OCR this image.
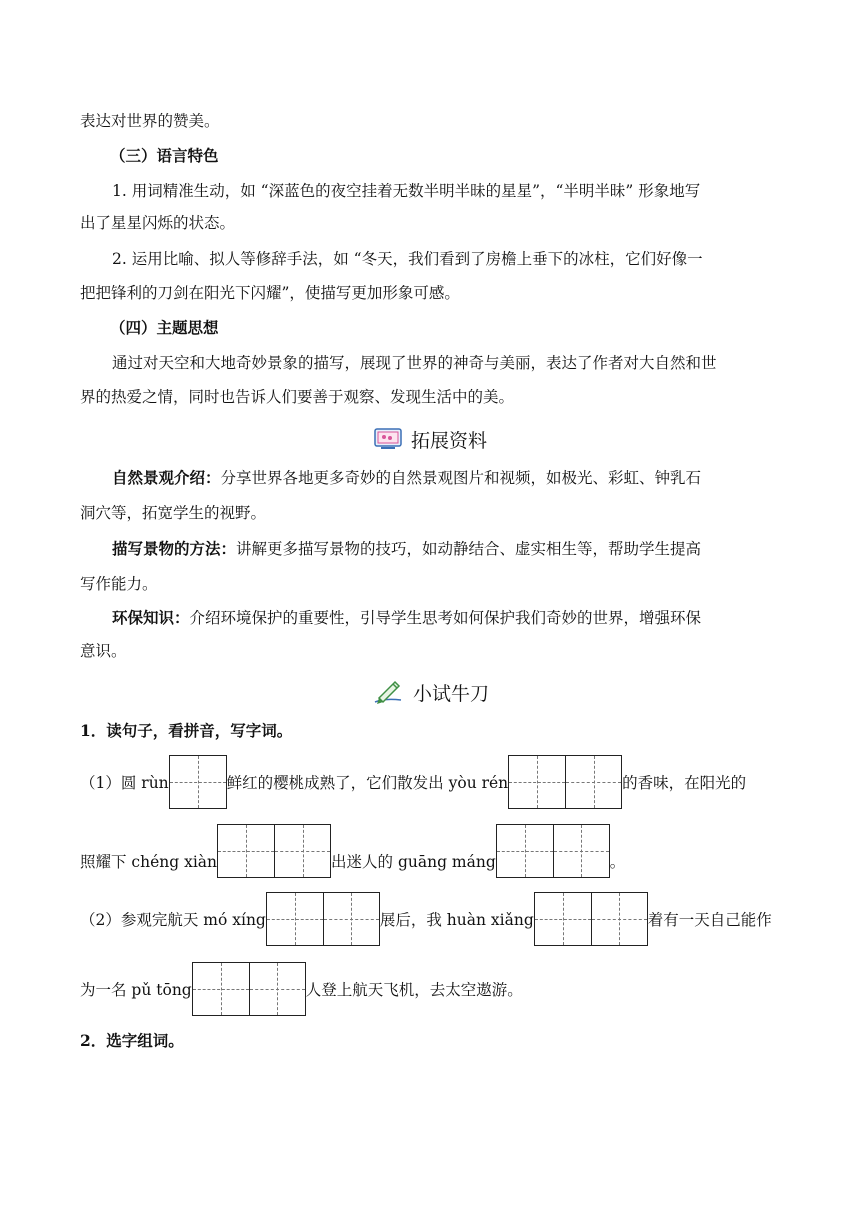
表达对世界的赞美。
（三）语言特色
1. 用词精准生动，如 “深蓝色的夜空挂着无数半明半昧的星星”，“半明半昧” 形象地写
出了星星闪烁的状态。
2. 运用比喻、拟人等修辞手法，如 “冬天，我们看到了房檐上垂下的冰柱，它们好像一
把把锋利的刀剑在阳光下闪耀”，使描写更加形象可感。
（四）主题思想
通过对天空和大地奇妙景象的描写，展现了世界的神奇与美丽，表达了作者对大自然和世
界的热爱之情，同时也告诉人们要善于观察、发现生活中的美。
拓展资料
自然景观介绍：分享世界各地更多奇妙的自然景观图片和视频，如极光、彩虹、钟乳石
洞穴等，拓宽学生的视野。
描写景物的方法：讲解更多描写景物的技巧，如动静结合、虚实相生等，帮助学生提高
写作能力。
环保知识：介绍环境保护的重要性，引导学生思考如何保护我们奇妙的世界，增强环保
意识。
小试牛刀
1．读句子，看拼音，写字词。
（1）圆 rùn	鲜红的樱桃成熟了，它们散发出 yòu rén	的香味，在阳光的
照耀下 chéng xiàn	出迷人的 guāng máng	。
（2）参观完航天 mó xíng	展后，我 huàn xiǎng	着有一天自己能作
为一名 pǔ tōng	人登上航天飞机，去太空遨游。
2．选字组词。
